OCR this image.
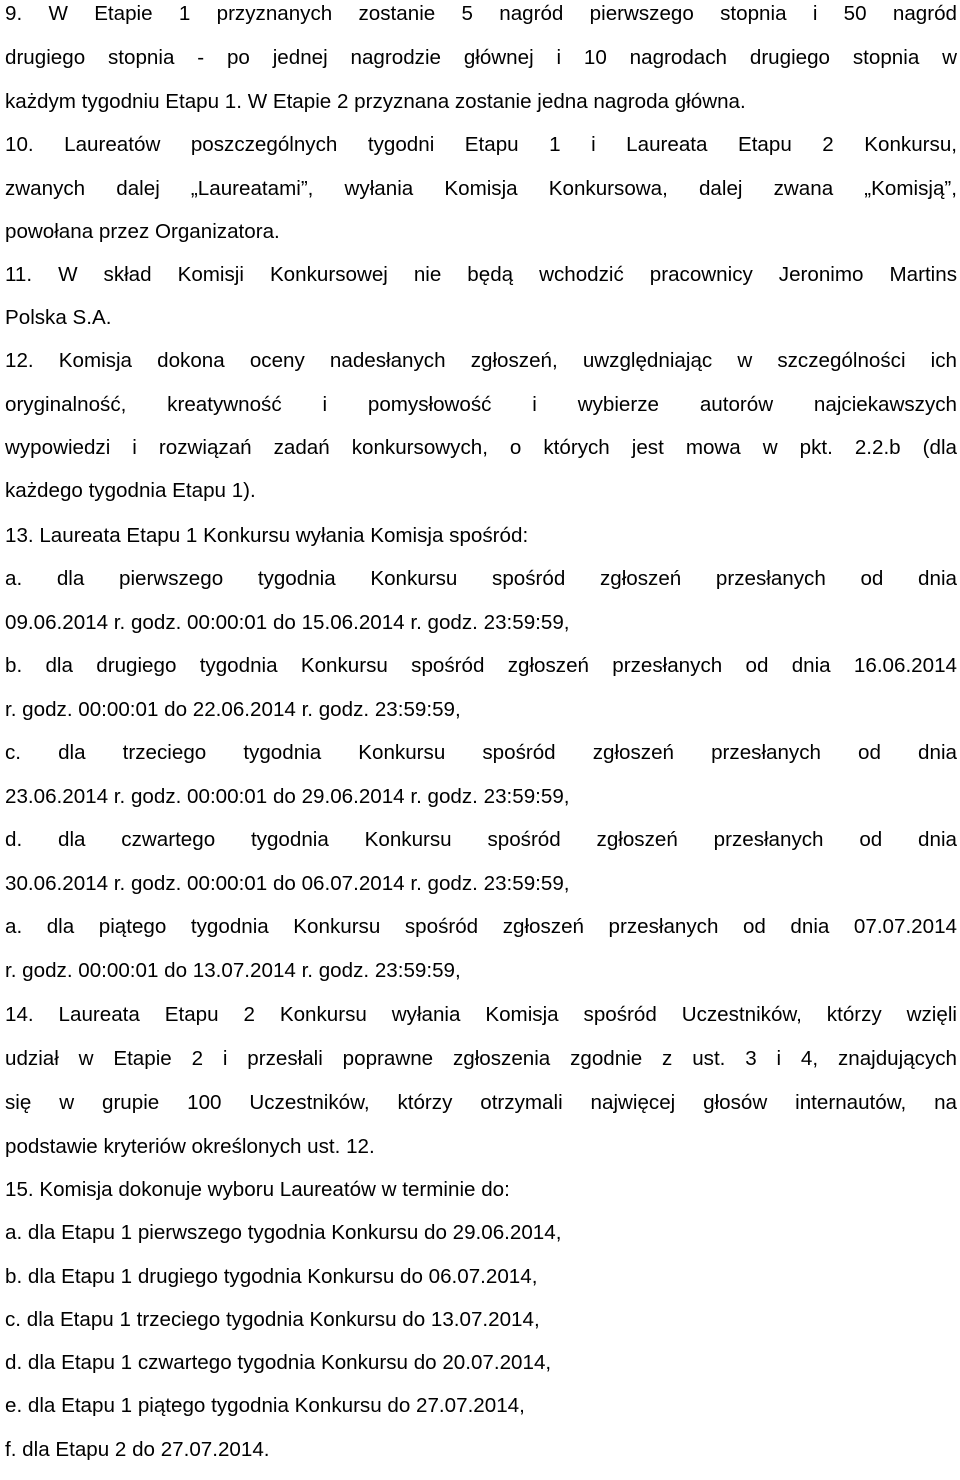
9. W Etapie 1 przyznanych zostanie 5 nagród pierwszego stopnia i 50 nagród
drugiego stopnia - po jednej nagrodzie głównej i 10 nagrodach drugiego stopnia w
każdym tygodniu Etapu 1. W Etapie 2 przyznana zostanie jedna nagroda główna.
10. Laureatów poszczególnych tygodni Etapu 1 i Laureata Etapu 2 Konkursu,
zwanych dalej „Laureatami”, wyłania Komisja Konkursowa, dalej zwana „Komisją”,
powołana przez Organizatora.
11. W skład Komisji Konkursowej nie będą wchodzić pracownicy Jeronimo Martins
Polska S.A.
12. Komisja dokona oceny nadesłanych zgłoszeń, uwzględniając w szczególności ich
oryginalność, kreatywność i pomysłowość i wybierze autorów najciekawszych
wypowiedzi i rozwiązań zadań konkursowych, o których jest mowa w pkt. 2.2.b (dla
każdego tygodnia Etapu 1).
13. Laureata Etapu 1 Konkursu wyłania Komisja spośród:
a. dla pierwszego tygodnia Konkursu spośród zgłoszeń przesłanych od dnia
09.06.2014 r. godz. 00:00:01 do 15.06.2014 r. godz. 23:59:59,
b. dla drugiego tygodnia Konkursu spośród zgłoszeń przesłanych od dnia 16.06.2014
r. godz. 00:00:01 do 22.06.2014 r. godz. 23:59:59,
c. dla trzeciego tygodnia Konkursu spośród zgłoszeń przesłanych od dnia
23.06.2014 r. godz. 00:00:01 do 29.06.2014 r. godz. 23:59:59,
d. dla czwartego tygodnia Konkursu spośród zgłoszeń przesłanych od dnia
30.06.2014 r. godz. 00:00:01 do 06.07.2014 r. godz. 23:59:59,
a. dla piątego tygodnia Konkursu spośród zgłoszeń przesłanych od dnia 07.07.2014
r. godz. 00:00:01 do 13.07.2014 r. godz. 23:59:59,
14. Laureata Etapu 2 Konkursu wyłania Komisja spośród Uczestników, którzy wzięli
udział w Etapie 2 i przesłali poprawne zgłoszenia zgodnie z ust. 3 i 4, znajdujących
się w grupie 100 Uczestników, którzy otrzymali najwięcej głosów internautów, na
podstawie kryteriów określonych ust. 12.
15. Komisja dokonuje wyboru Laureatów w terminie do:
a. dla Etapu 1 pierwszego tygodnia Konkursu do 29.06.2014,
b. dla Etapu 1 drugiego tygodnia Konkursu do 06.07.2014,
c. dla Etapu 1 trzeciego tygodnia Konkursu do 13.07.2014,
d. dla Etapu 1 czwartego tygodnia Konkursu do 20.07.2014,
e. dla Etapu 1 piątego tygodnia Konkursu do 27.07.2014,
f. dla Etapu 2 do 27.07.2014.
